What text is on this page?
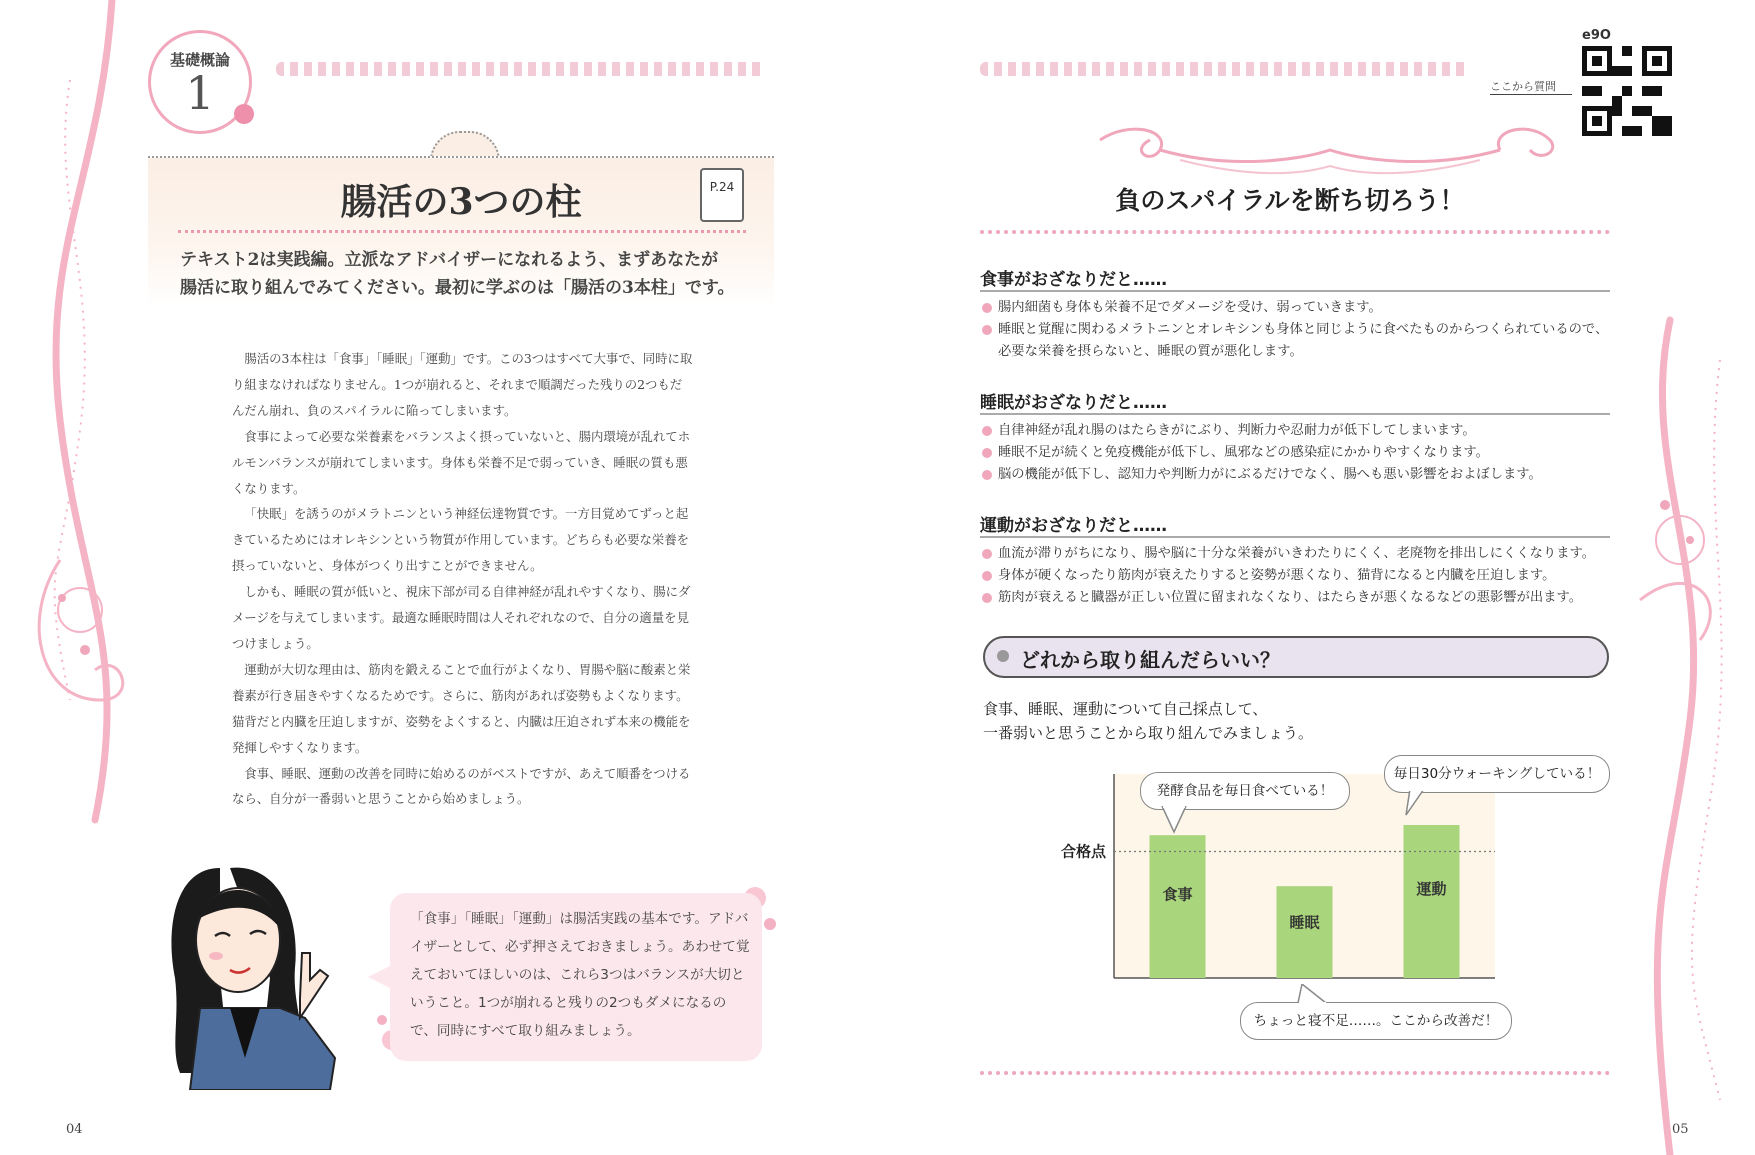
基礎概論
1
腸活の3つの柱	P.24
テキスト2は実践編。立派なアドバイザーになれるよう、まずあなたが
腸活に取り組んでみてください。最初に学ぶのは「腸活の3本柱」です。

腸活の3本柱は「食事」「睡眠」「運動」です。この3つはすべて大事で、同時に取り組まなければなりません。1つが崩れると、それまで順調だった残りの2つもだんだん崩れ、負のスパイラルに陥ってしまいます。

食事によって必要な栄養素をバランスよく摂っていないと、腸内環境が乱れてホルモンバランスが崩れてしまいます。身体も栄養不足で弱っていき、睡眠の質も悪くなります。

「快眠」を誘うのがメラトニンという神経伝達物質です。一方目覚めてずっと起きているためにはオレキシンという物質が作用しています。どちらも必要な栄養を摂っていないと、身体がつくり出すことができません。

しかも、睡眠の質が低いと、視床下部が司る自律神経が乱れやすくなり、腸にダメージを与えてしまいます。最適な睡眠時間は人それぞれなので、自分の適量を見つけましょう。

運動が大切な理由は、筋肉を鍛えることで血行がよくなり、胃腸や脳に酸素と栄養素が行き届きやすくなるためです。さらに、筋肉があれば姿勢もよくなります。猫背だと内臓を圧迫しますが、姿勢をよくすると、内臓は圧迫されず本来の機能を発揮しやすくなります。

食事、睡眠、運動の改善を同時に始めるのがベストですが、あえて順番をつけるなら、自分が一番弱いと思うことから始めましょう。

「食事」「睡眠」「運動」は腸活実践の基本です。アドバイザーとして、必ず押さえておきましょう。あわせて覚えておいてほしいのは、これら3つはバランスが大切ということ。1つが崩れると残りの2つもダメになるので、同時にすべて取り組みましょう。
04
ここから質問
e9O
負のスパイラルを断ち切ろう！
食事がおざなりだと……
腸内細菌も身体も栄養不足でダメージを受け、弱っていきます。
睡眠と覚醒に関わるメラトニンとオレキシンも身体と同じように食べたものからつくられているので、必要な栄養を摂らないと、睡眠の質が悪化します。
睡眠がおざなりだと……
自律神経が乱れ腸のはたらきがにぶり、判断力や忍耐力が低下してしまいます。
睡眠不足が続くと免疫機能が低下し、風邪などの感染症にかかりやすくなります。
脳の機能が低下し、認知力や判断力がにぶるだけでなく、腸へも悪い影響をおよぼします。
運動がおざなりだと……
血流が滞りがちになり、腸や脳に十分な栄養がいきわたりにくく、老廃物を排出しにくくなります。
身体が硬くなったり筋肉が衰えたりすると姿勢が悪くなり、猫背になると内臓を圧迫します。
筋肉が衰えると臓器が正しい位置に留まれなくなり、はたらきが悪くなるなどの悪影響が出ます。
どれから取り組んだらいい？
食事、睡眠、運動について自己採点して、
一番弱いと思うことから取り組んでみましょう。
食事
睡眠
運動
合格点
発酵食品を毎日食べている！
毎日30分ウォーキングしている！
ちょっと寝不足……。ここから改善だ！
05
